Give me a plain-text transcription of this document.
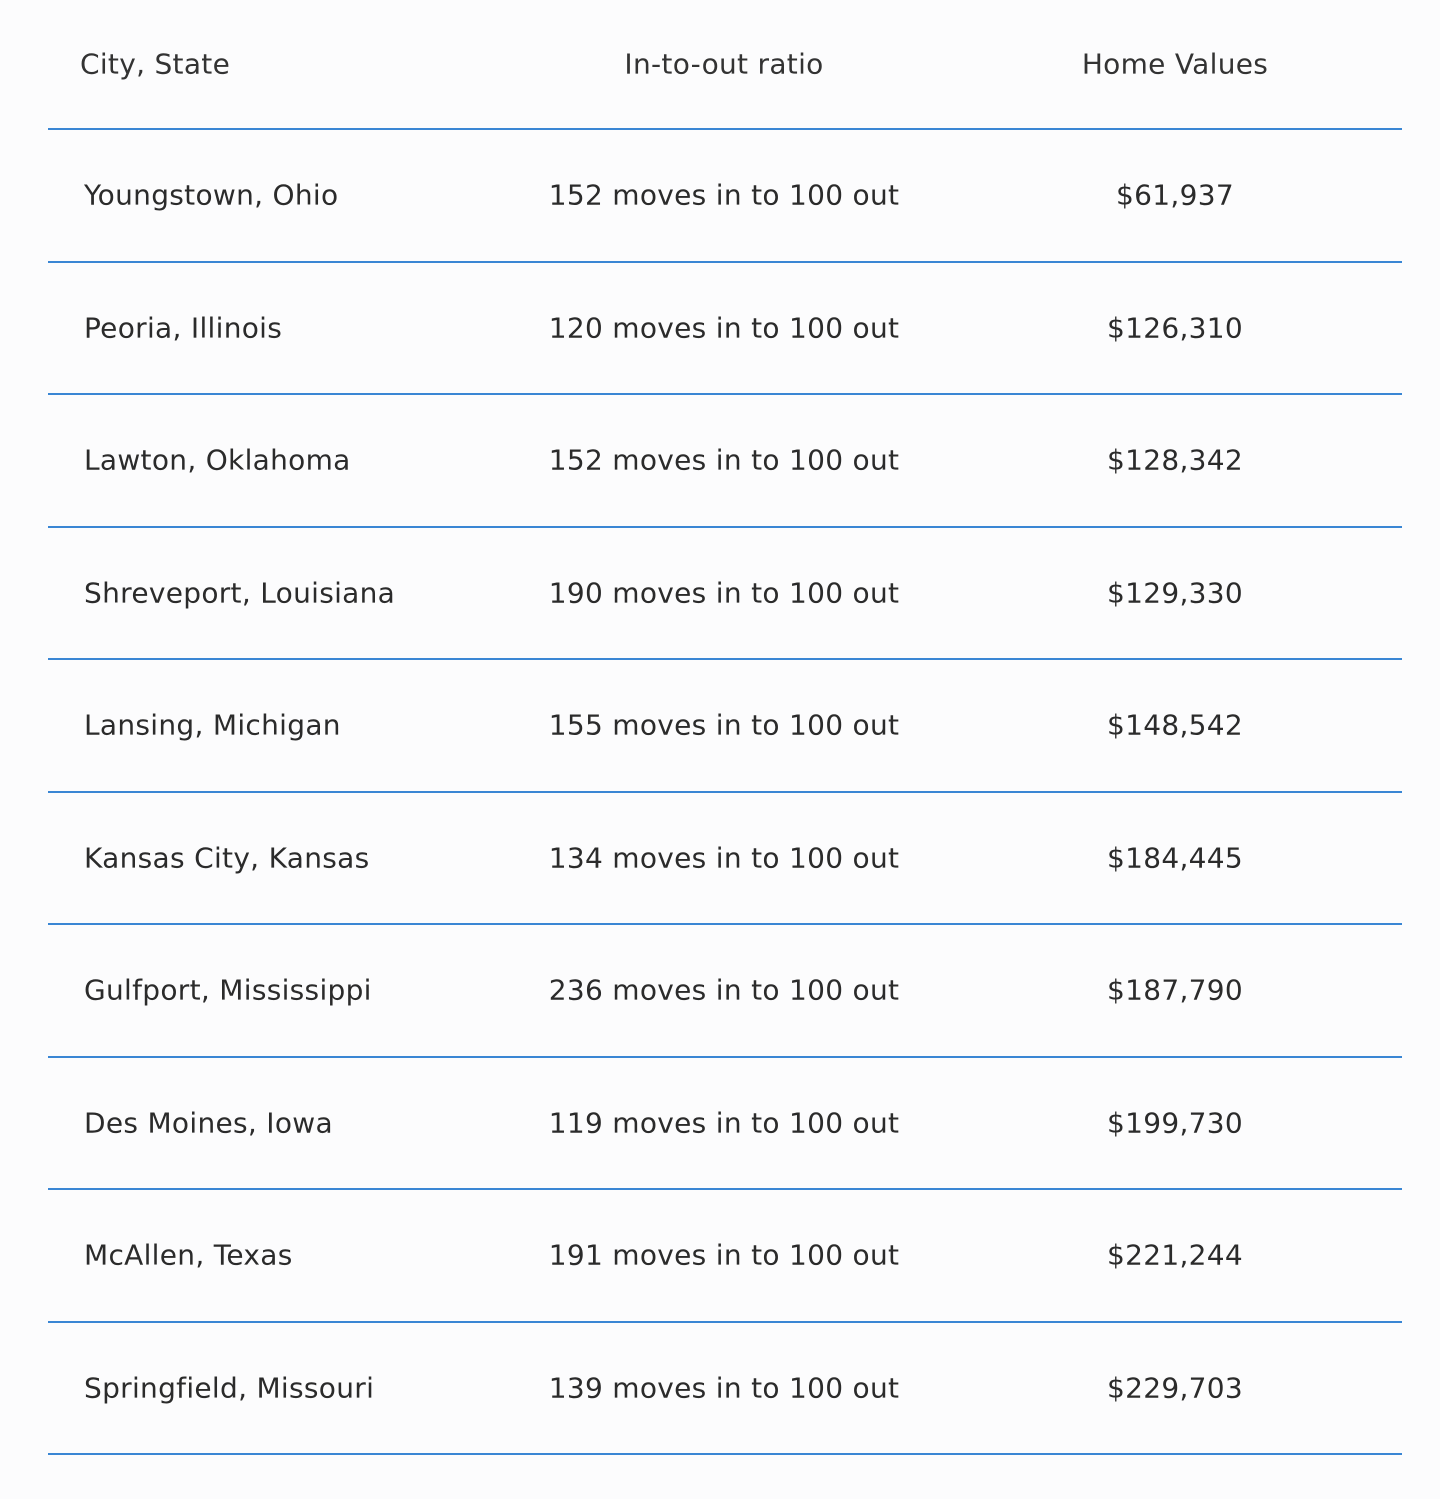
City, State	In-to-out ratio	Home Values
Youngstown, Ohio	152 moves in to 100 out	$61,937
Peoria, Illinois	120 moves in to 100 out	$126,310
Lawton, Oklahoma	152 moves in to 100 out	$128,342
Shreveport, Louisiana	190 moves in to 100 out	$129,330
Lansing, Michigan	155 moves in to 100 out	$148,542
Kansas City, Kansas	134 moves in to 100 out	$184,445
Gulfport, Mississippi	236 moves in to 100 out	$187,790
Des Moines, Iowa	119 moves in to 100 out	$199,730
McAllen, Texas	191 moves in to 100 out	$221,244
Springfield, Missouri	139 moves in to 100 out	$229,703
